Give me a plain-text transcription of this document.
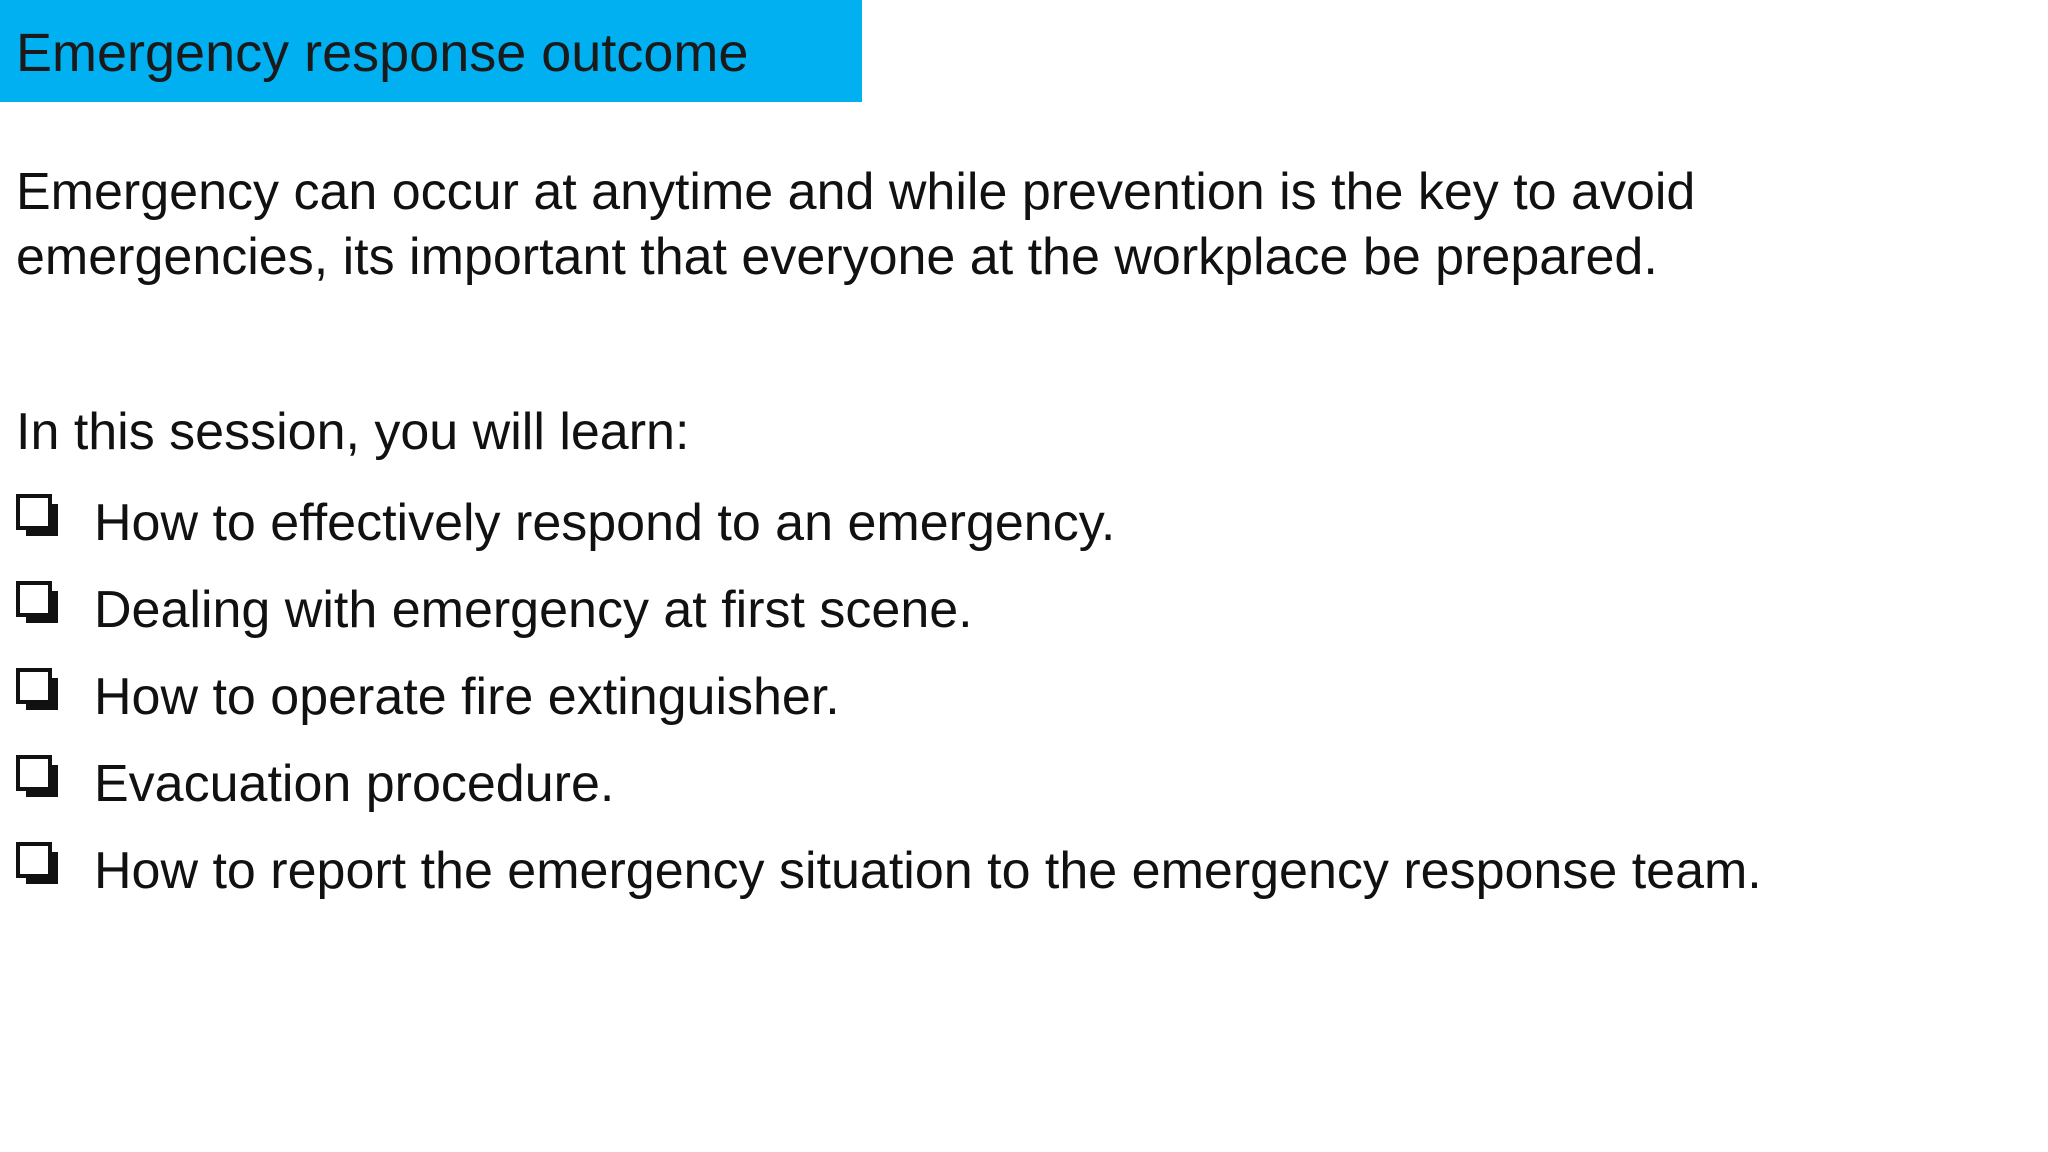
Emergency response outcome
Emergency can occur at anytime and while prevention is the key to avoid
emergencies, its important that everyone at the workplace be prepared.
In this session, you will learn:
How to effectively respond to an emergency.
Dealing with emergency at first scene.
How to operate fire extinguisher.
Evacuation procedure.
How to report the emergency situation to the emergency response team.
